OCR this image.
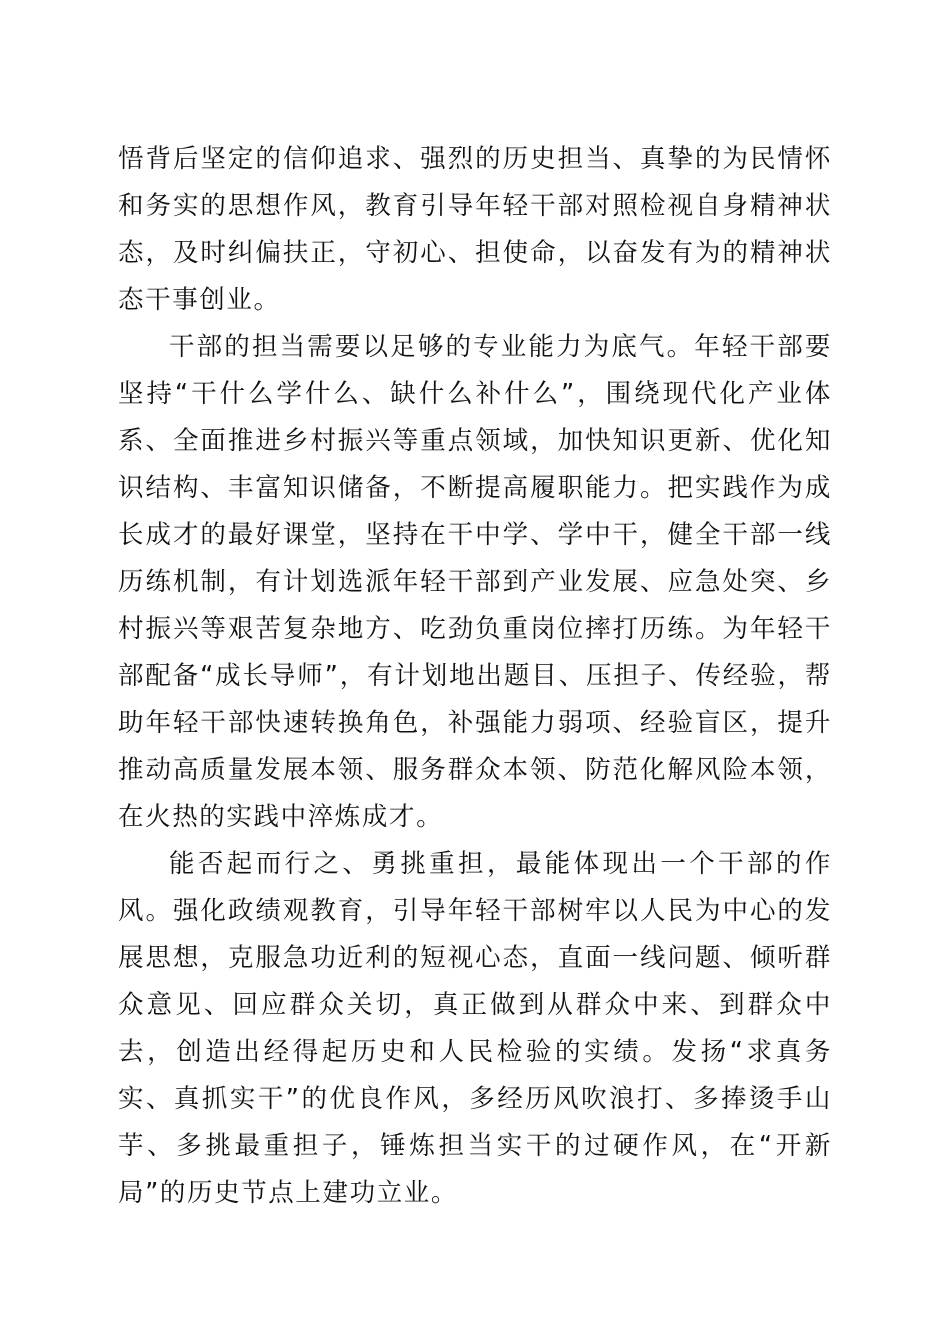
悟背后坚定的信仰追求、强烈的历史担当、真挚的为民情怀和务实的思想作风，教育引导年轻干部对照检视自身精神状态，及时纠偏扶正，守初心、担使命，以奋发有为的精神状态干事创业。

干部的担当需要以足够的专业能力为底气。年轻干部要坚持“干什么学什么、缺什么补什么”，围绕现代化产业体系、全面推进乡村振兴等重点领域，加快知识更新、优化知识结构、丰富知识储备，不断提高履职能力。把实践作为成长成才的最好课堂，坚持在干中学、学中干，健全干部一线历练机制，有计划选派年轻干部到产业发展、应急处突、乡村振兴等艰苦复杂地方、吃劲负重岗位摔打历练。为年轻干部配备“成长导师”，有计划地出题目、压担子、传经验，帮助年轻干部快速转换角色，补强能力弱项、经验盲区，提升推动高质量发展本领、服务群众本领、防范化解风险本领，在火热的实践中淬炼成才。

能否起而行之、勇挑重担，最能体现出一个干部的作风。强化政绩观教育，引导年轻干部树牢以人民为中心的发展思想，克服急功近利的短视心态，直面一线问题、倾听群众意见、回应群众关切，真正做到从群众中来、到群众中去，创造出经得起历史和人民检验的实绩。发扬“求真务实、真抓实干”的优良作风，多经历风吹浪打、多捧烫手山芋、多挑最重担子，锤炼担当实干的过硬作风，在“开新局”的历史节点上建功立业。
